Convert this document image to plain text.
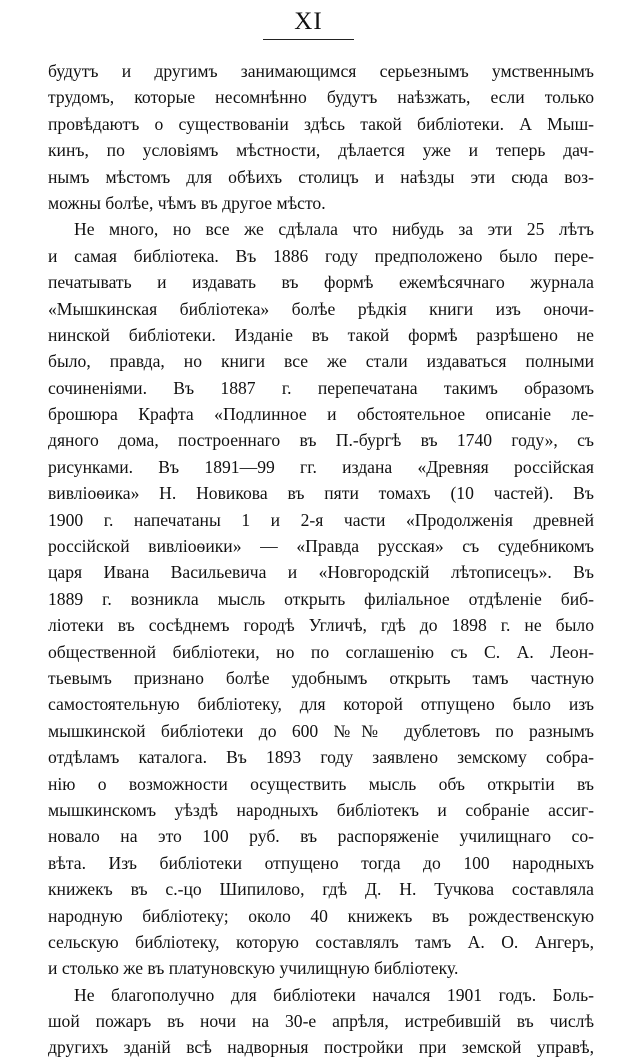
XI
будутъ и другимъ занимающимся серьезнымъ умственнымъ
трудомъ, которые несомнѣнно будутъ наѣзжать, если только
провѣдаютъ о существованiи здѣсь такой библiотеки. А Мыш-
кинъ, по условiямъ мѣстности, дѣлается уже и теперь дач-
нымъ мѣстомъ для обѣихъ столицъ и наѣзды эти сюда воз-
можны болѣе, чѣмъ въ другое мѣсто.
Не много, но все же сдѣлала что нибудь за эти 25 лѣтъ
и самая библiотека. Въ 1886 году предположено было пере-
печатывать и издавать въ формѣ ежемѣсячнаго журнала
«Мышкинская библiотека» болѣе рѣдкiя книги изъ оночи-
нинской библiотеки. Изданiе въ такой формѣ разрѣшено не
было, правда, но книги все же стали издаваться полными
сочиненiями. Въ 1887 г. перепечатана такимъ образомъ
брошюра Крафта «Подлинное и обстоятельное описанiе ле-
дяного дома, построеннаго въ П.-бургѣ въ 1740 году», съ
рисунками. Въ 1891—99 гг. издана «Древняя россiйская
вивлiоѳика» Н. Новикова въ пяти томахъ (10 частей). Въ
1900 г. напечатаны 1 и 2-я части «Продолженiя древней
россiйской вивлiоѳики» — «Правда русская» съ судебникомъ
царя Ивана Васильевича и «Новгородскiй лѣтописецъ». Въ
1889 г. возникла мысль открыть филiальное отдѣленiе биб-
лiотеки въ сосѣднемъ городѣ Угличѣ, гдѣ до 1898 г. не было
общественной библiотеки, но по соглашенiю съ С. А. Леон-
тьевымъ признано болѣе удобнымъ открыть тамъ частную
самостоятельную библiотеку, для которой отпущено было изъ
мышкинской библiотеки до 600 №№ дублетовъ по разнымъ
отдѣламъ каталога. Въ 1893 году заявлено земскому собра-
нiю о возможности осуществить мысль объ открытiи въ
мышкинскомъ уѣздѣ народныхъ библiотекъ и собранiе ассиг-
новало на это 100 руб. въ распоряженiе училищнаго со-
вѣта. Изъ библiотеки отпущено тогда до 100 народныхъ
книжекъ въ с.-цо Шипилово, гдѣ Д. Н. Тучкова составляла
народную библiотеку; около 40 книжекъ въ рождественскую
сельскую библiотеку, которую составлялъ тамъ А. О. Ангеръ,
и столько же въ платуновскую училищную библiотеку.
Не благополучно для библiотеки начался 1901 годъ. Боль-
шой пожаръ въ ночи на 30-е апрѣля, истребившiй въ числѣ
другихъ зданiй всѣ надворныя постройки при земской управѣ,
